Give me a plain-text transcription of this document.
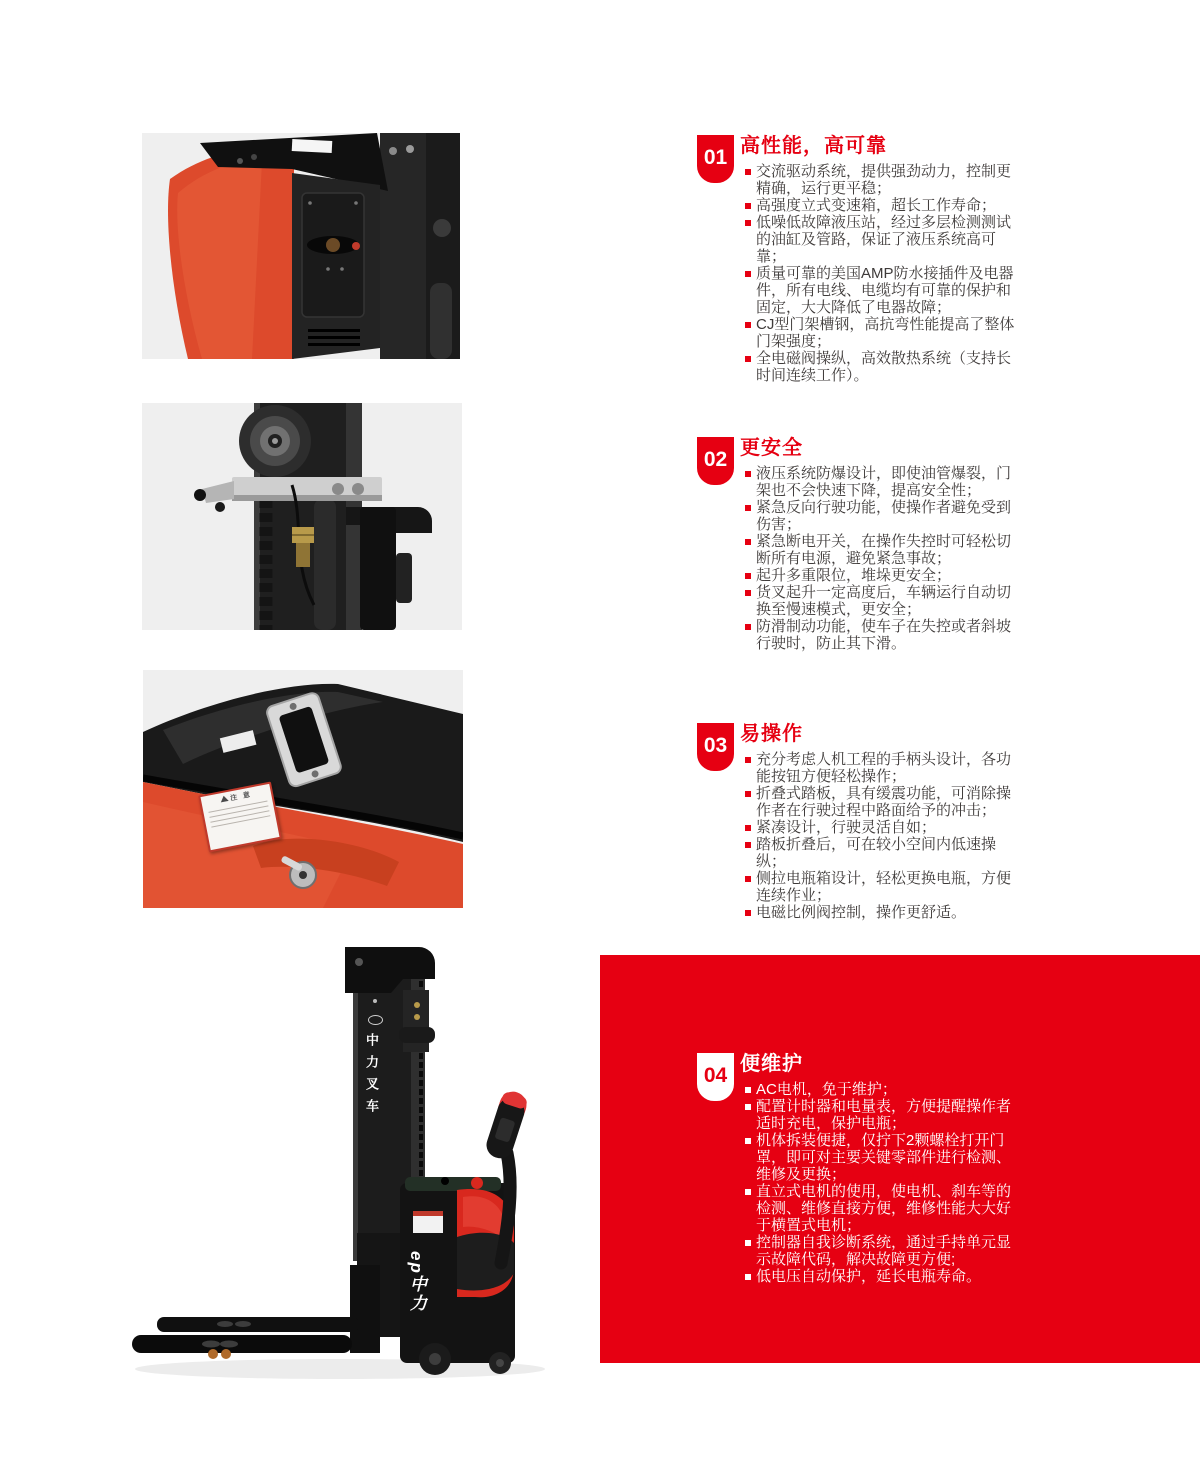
注 意
中力叉车
ep中力
01 高性能，高可靠
交流驱动系统，提供强劲动力，控制更精确，运行更平稳；
高强度立式变速箱，超长工作寿命；
低噪低故障液压站，经过多层检测测试的油缸及管路，保证了液压系统高可靠；
质量可靠的美国AMP防水接插件及电器件，所有电线、电缆均有可靠的保护和固定，大大降低了电器故障；
CJ型门架槽钢，高抗弯性能提高了整体门架强度；
全电磁阀操纵，高效散热系统（支持长时间连续工作）。
02 更安全
液压系统防爆设计，即使油管爆裂，门架也不会快速下降，提高安全性；
紧急反向行驶功能，使操作者避免受到伤害；
紧急断电开关，在操作失控时可轻松切断所有电源，避免紧急事故；
起升多重限位，堆垛更安全；
货叉起升一定高度后，车辆运行自动切换至慢速模式，更安全；
防滑制动功能，使车子在失控或者斜坡行驶时，防止其下滑。
03 易操作
充分考虑人机工程的手柄头设计，各功能按钮方便轻松操作；
折叠式踏板，具有缓震功能，可消除操作者在行驶过程中路面给予的冲击；
紧凑设计，行驶灵活自如；
踏板折叠后，可在较小空间内低速操纵；
侧拉电瓶箱设计，轻松更换电瓶，方便连续作业；
电磁比例阀控制，操作更舒适。
04 便维护
AC电机，免于维护；
配置计时器和电量表，方便提醒操作者适时充电，保护电瓶；
机体拆装便捷，仅拧下2颗螺栓打开门罩，即可对主要关键零部件进行检测、维修及更换；
直立式电机的使用，使电机、刹车等的检测、维修直接方便，维修性能大大好于横置式电机；
控制器自我诊断系统，通过手持单元显示故障代码，解决故障更方便;
低电压自动保护，延长电瓶寿命。
